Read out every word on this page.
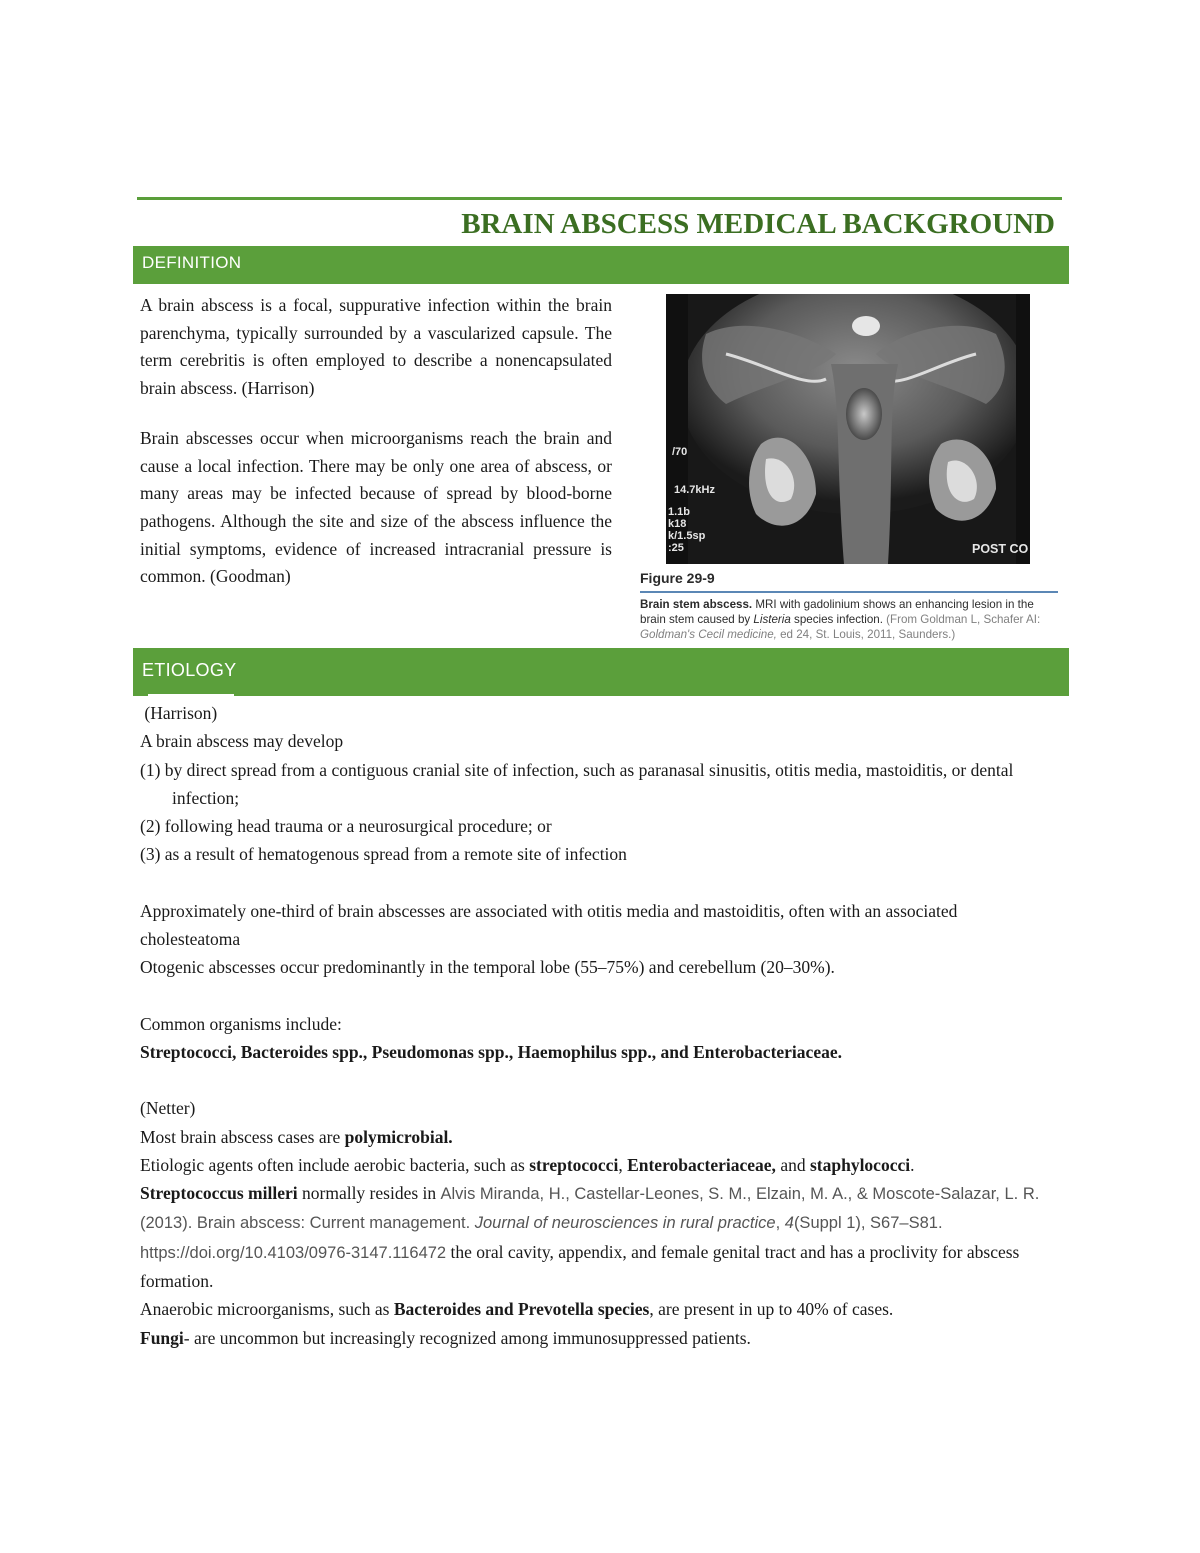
BRAIN ABSCESS MEDICAL BACKGROUND
DEFINITION

A brain abscess is a focal, suppurative infection within the brain parenchyma, typically surrounded by a vascularized capsule. The term cerebritis is often employed to describe a nonencapsulated brain abscess. (Harrison)

Brain abscesses occur when microorganisms reach the brain and cause a local infection. There may be only one area of abscess, or many areas may be infected because of spread by blood-borne pathogens. Although the site and size of the abscess influence the initial symptoms, evidence of increased intracranial pressure is common. (Goodman)

/70
14.7kHz
1.1b
k18
k/1.5sp
:25	POST CO
Figure 29-9
Brain stem abscess. MRI with gadolinium shows an enhancing lesion in the brain stem caused by Listeria species infection. (From Goldman L, Schafer AI: Goldman's Cecil medicine, ed 24, St. Louis, 2011, Saunders.)
ETIOLOGY

(Harrison)

A brain abscess may develop

(1) by direct spread from a contiguous cranial site of infection, such as paranasal sinusitis, otitis media, mastoiditis, or dental infection;
(2) following head trauma or a neurosurgical procedure; or
(3) as a result of hematogenous spread from a remote site of infection

Approximately one-third of brain abscesses are associated with otitis media and mastoiditis, often with an associated cholesteatoma

Otogenic abscesses occur predominantly in the temporal lobe (55–75%) and cerebellum (20–30%).

Common organisms include:

Streptococci, Bacteroides spp., Pseudomonas spp., Haemophilus spp., and Enterobacteriaceae.

(Netter)

Most brain abscess cases are polymicrobial.

Etiologic agents often include aerobic bacteria, such as streptococci, Enterobacteriaceae, and staphylococci.

Streptococcus milleri normally resides in Alvis Miranda, H., Castellar-Leones, S. M., Elzain, M. A., & Moscote-Salazar, L. R. (2013). Brain abscess: Current management. Journal of neurosciences in rural practice, 4(Suppl 1), S67–S81. https://doi.org/10.4103/0976-3147.116472 the oral cavity, appendix, and female genital tract and has a proclivity for abscess formation.

Anaerobic microorganisms, such as Bacteroides and Prevotella species, are present in up to 40% of cases.

Fungi- are uncommon but increasingly recognized among immunosuppressed patients.
